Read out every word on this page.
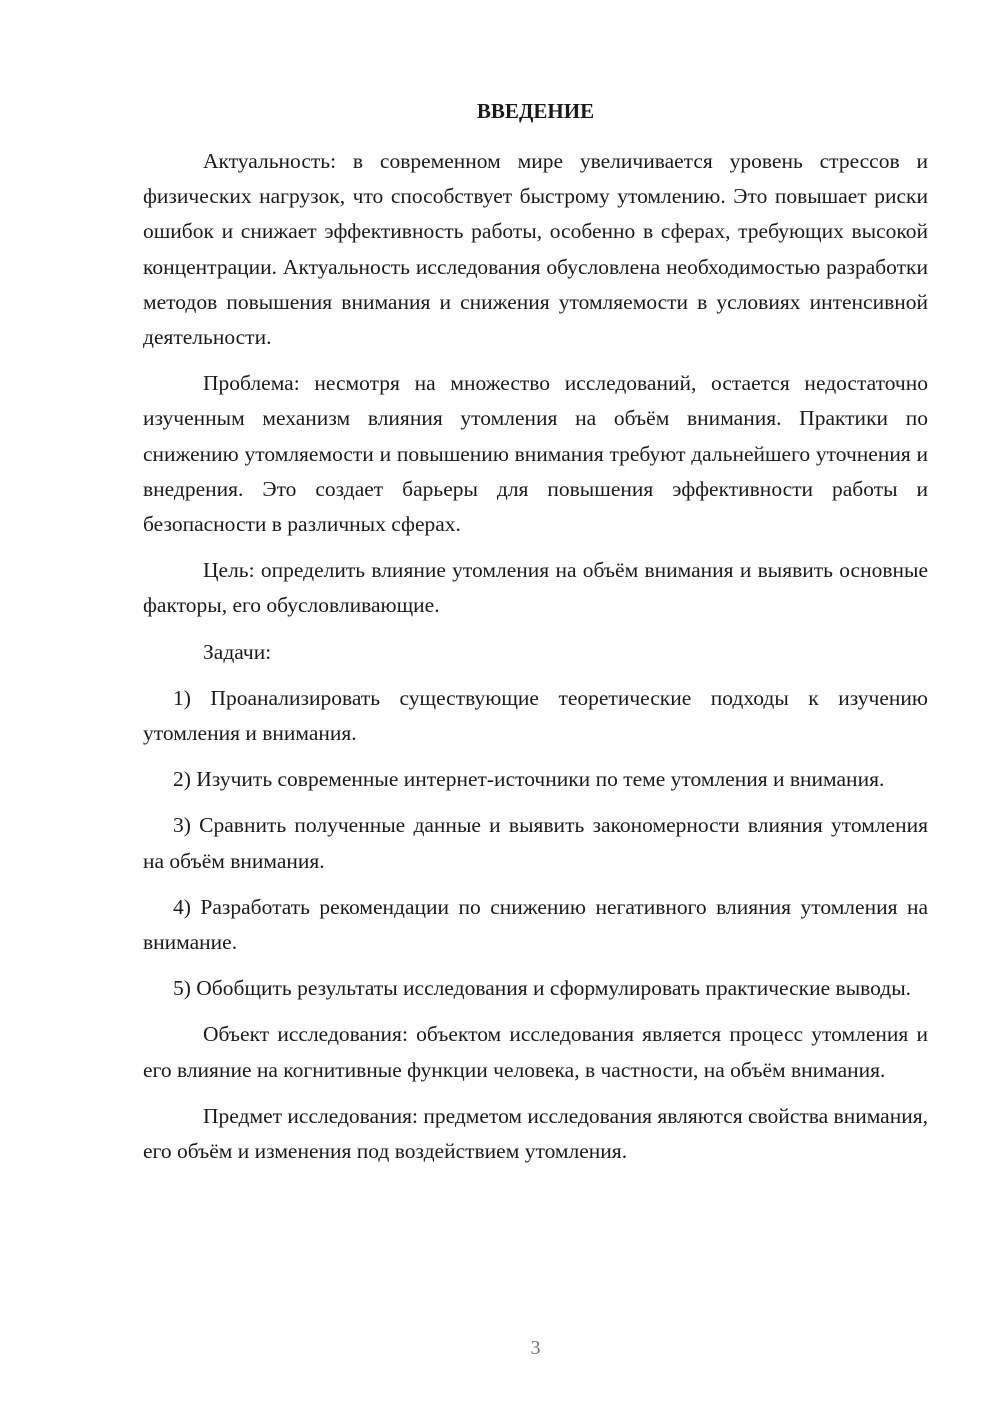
ВВЕДЕНИЕ

Актуальность: в современном мире увеличивается уровень стрессов и физических нагрузок, что способствует быстрому утомлению. Это повышает риски ошибок и снижает эффективность работы, особенно в сферах, требующих высокой концентрации. Актуальность исследования обусловлена необходимостью разработки методов повышения внимания и снижения утомляемости в условиях интенсивной деятельности.

Проблема: несмотря на множество исследований, остается недостаточно изученным механизм влияния утомления на объём внимания. Практики по снижению утомляемости и повышению внимания требуют дальнейшего уточнения и внедрения. Это создает барьеры для повышения эффективности работы и безопасности в различных сферах.

Цель: определить влияние утомления на объём внимания и выявить основные факторы, его обусловливающие.

Задачи:

1) Проанализировать существующие теоретические подходы к изучению утомления и внимания.

2) Изучить современные интернет-источники по теме утомления и внимания.

3) Сравнить полученные данные и выявить закономерности влияния утомления на объём внимания.

4) Разработать рекомендации по снижению негативного влияния утомления на внимание.

5) Обобщить результаты исследования и сформулировать практические выводы.

Объект исследования: объектом исследования является процесс утомления и его влияние на когнитивные функции человека, в частности, на объём внимания.

Предмет исследования: предметом исследования являются свойства внимания, его объём и изменения под воздействием утомления.

3
